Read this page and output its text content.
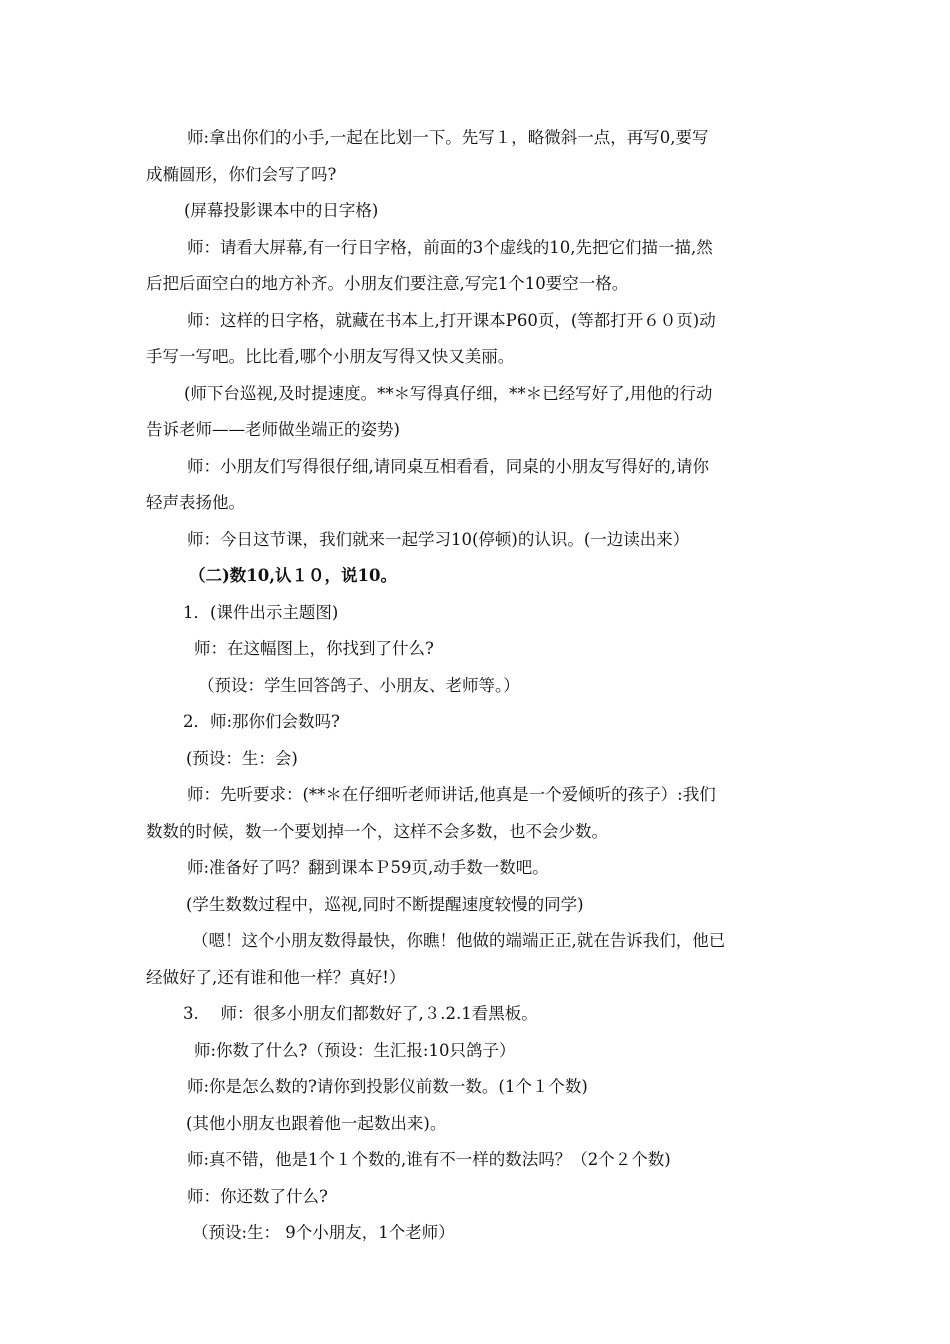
师:拿出你们的小手,一起在比划一下。先写１，略微斜一点，再写0,要写

成椭圆形，你们会写了吗?

(屏幕投影课本中的日字格)

师：请看大屏幕,有一行日字格，前面的3个虚线的10,先把它们描一描,然

后把后面空白的地方补齐。小朋友们要注意,写完1个10要空一格。

师：这样的日字格，就藏在书本上,打开课本P60页，(等都打开６０页)动

手写一写吧。比比看,哪个小朋友写得又快又美丽。

(师下台巡视,及时提速度。**＊写得真仔细，**＊已经写好了,用他的行动

告诉老师——老师做坐端正的姿势)

师：小朋友们写得很仔细,请同桌互相看看，同桌的小朋友写得好的,请你

轻声表扬他。

师：今日这节课，我们就来一起学习10(停顿)的认识。(一边读出来）

（二)数10,认１０，说10。

1．(课件出示主题图)

师：在这幅图上，你找到了什么?

（预设：学生回答鸽子、小朋友、老师等。）

2．师:那你们会数吗?

(预设：生：会)

师：先听要求：(**＊在仔细听老师讲话,他真是一个爱倾听的孩子）:我们

数数的时候，数一个要划掉一个，这样不会多数，也不会少数。

师:准备好了吗？翻到课本Ｐ59页,动手数一数吧。

(学生数数过程中，巡视,同时不断提醒速度较慢的同学)

（嗯！这个小朋友数得最快，你瞧！他做的端端正正,就在告诉我们，他已

经做好了,还有谁和他一样？真好!）

3.　 师：很多小朋友们都数好了,３.2.1看黑板。

师:你数了什么?（预设：生汇报:10只鸽子）

师:你是怎么数的?请你到投影仪前数一数。(1个１个数)

(其他小朋友也跟着他一起数出来)。

师:真不错，他是1个１个数的,谁有不一样的数法吗？（2个２个数)

师：你还数了什么?

（预设:生： 9个小朋友，1个老师）
